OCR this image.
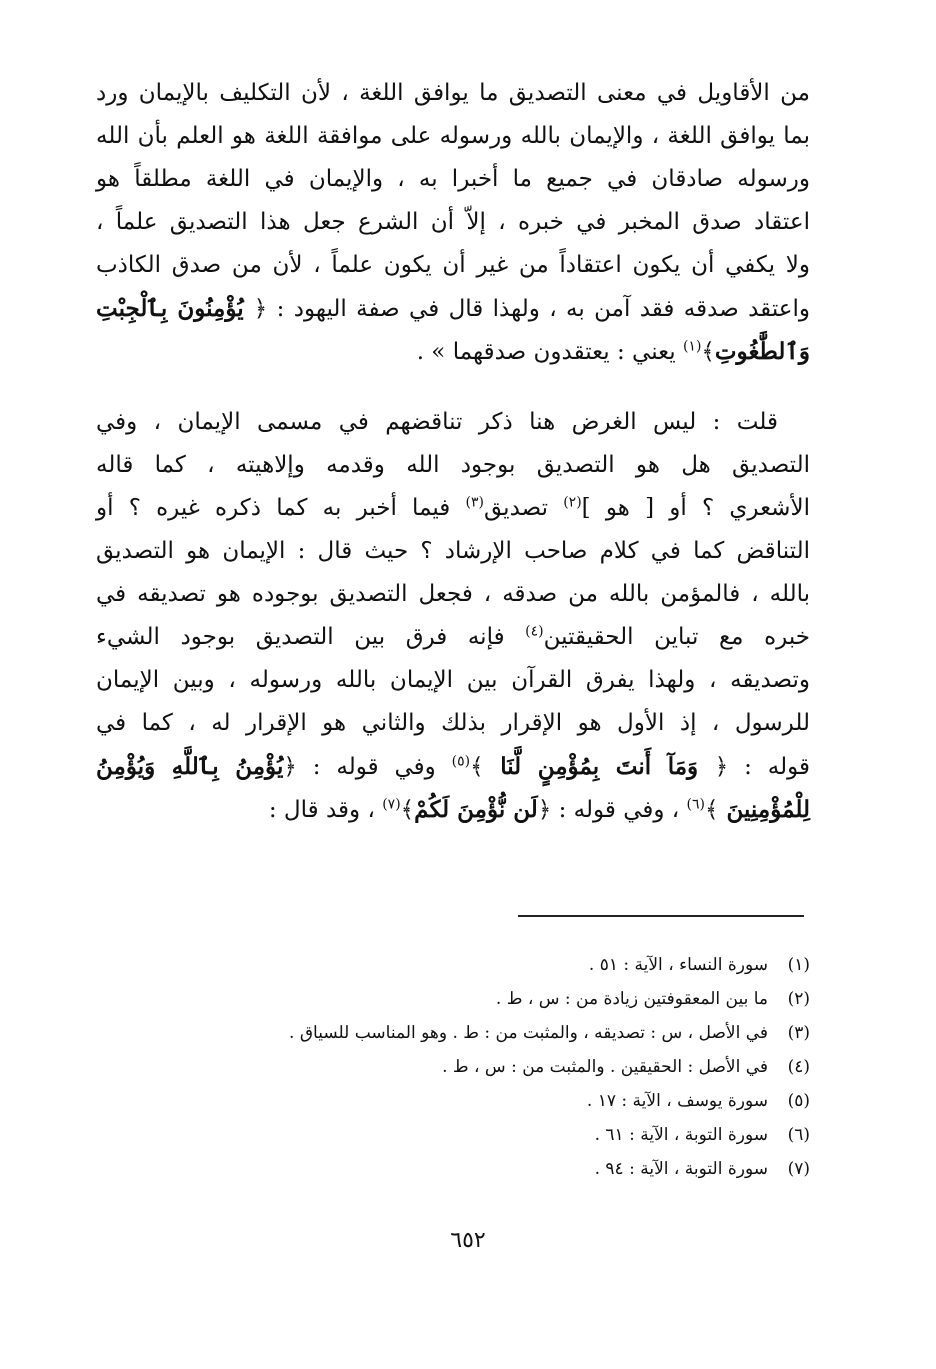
من الأقاويل في معنى التصديق ما يوافق اللغة ، لأن التكليف بالإيمان ورد
بما يوافق اللغة ، والإيمان بالله ورسوله على موافقة اللغة هو العلم بأن الله
ورسوله صادقان في جميع ما أخبرا به ، والإيمان في اللغة مطلقاً هو
اعتقاد صدق المخبر في خبره ، إلاّ أن الشرع جعل هذا التصديق علماً ،
ولا يكفي أن يكون اعتقاداً من غير أن يكون علماً ، لأن من صدق الكاذب
واعتقد صدقه فقد آمن به ، ولهذا قال في صفة اليهود : ﴿ يُؤْمِنُونَ بِٱلْجِبْتِ
وَٱلطَّٰغُوتِ﴾$^{(١)}$ يعني : يعتقدون صدقهما » .
قلت : ليس الغرض هنا ذكر تناقضهم في مسمى الإيمان ، وفي
التصديق هل هو التصديق بوجود الله وقدمه وإلاهيته ، كما قاله
الأشعري ؟ أو [ هو ]$^{(٢)}$ تصديق$^{(٣)}$ فيما أخبر به كما ذكره غيره ؟ أو
التناقض كما في كلام صاحب الإرشاد ؟ حيث قال : الإيمان هو التصديق
بالله ، فالمؤمن بالله من صدقه ، فجعل التصديق بوجوده هو تصديقه في
خبره مع تباين الحقيقتين$^{(٤)}$ فإنه فرق بين التصديق بوجود الشيء
وتصديقه ، ولهذا يفرق القرآن بين الإيمان بالله ورسوله ، وبين الإيمان
للرسول ، إذ الأول هو الإقرار بذلك والثاني هو الإقرار له ، كما في
قوله : ﴿ وَمَآ أَنتَ بِمُؤْمِنٍ لَّنَا ﴾$^{(٥)}$ وفي قوله : ﴿يُؤْمِنُ بِٱللَّهِ وَيُؤْمِنُ
لِلْمُؤْمِنِينَ ﴾$^{(٦)}$ ، وفي قوله : ﴿لَن نُّؤْمِنَ لَكُمْ﴾$^{(٧)}$ ، وقد قال :
(١)
سورة النساء ، الآية : ٥١ .
(٢)
ما بين المعقوفتين زيادة من : س ، ط .
(٣)
في الأصل ، س : تصديقه ، والمثبت من : ط . وهو المناسب للسياق .
(٤)
في الأصل : الحقيقين . والمثبت من : س ، ط .
(٥)
سورة يوسف ، الآية : ١٧ .
(٦)
سورة التوبة ، الآية : ٦١ .
(٧)
سورة التوبة ، الآية : ٩٤ .
٦٥٢
